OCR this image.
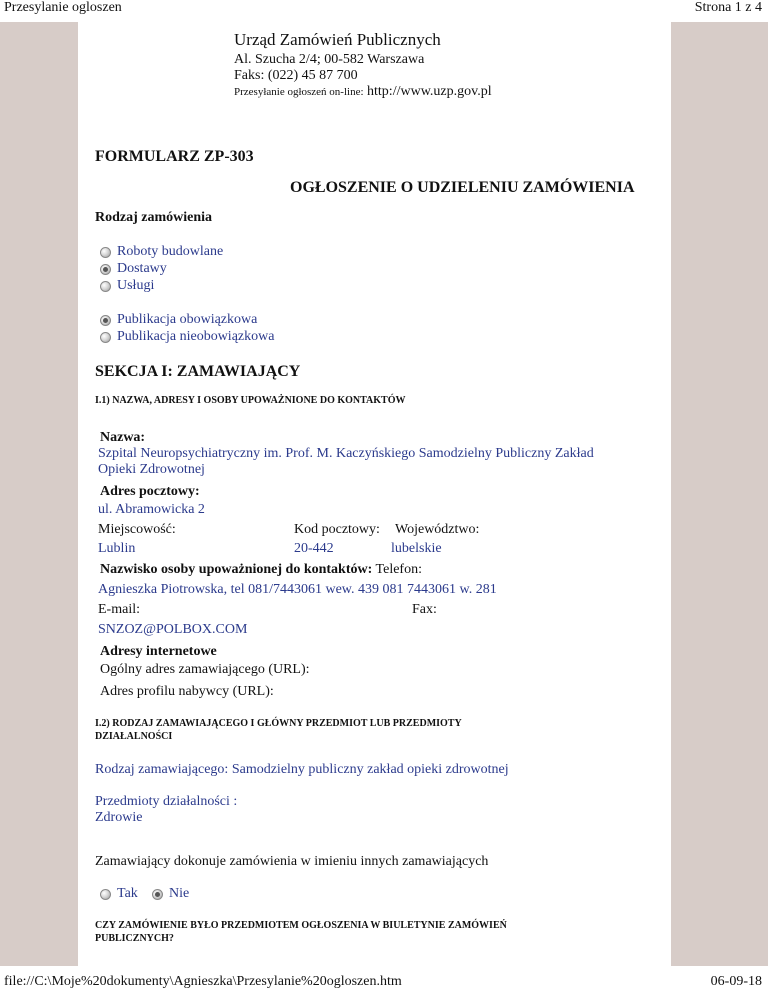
Przesylanie ogloszen	Strona 1 z 4
Urząd Zamówień Publicznych
Al. Szucha 2/4; 00-582 Warszawa
Faks: (022) 45 87 700
Przesyłanie ogłoszeń on-line: http://www.uzp.gov.pl
FORMULARZ ZP-303
OGŁOSZENIE O UDZIELENIU ZAMÓWIENIA
Rodzaj zamówienia
Roboty budowlane
Dostawy
Usługi
Publikacja obowiązkowa
Publikacja nieobowiązkowa
SEKCJA I: ZAMAWIAJĄCY
I.1) NAZWA, ADRESY I OSOBY UPOWAŻNIONE DO KONTAKTÓW
Nazwa:
Szpital Neuropsychiatryczny im. Prof. M. Kaczyńskiego Samodzielny Publiczny Zakład
Opieki Zdrowotnej
Adres pocztowy:
ul. Abramowicka 2
Miejscowość:	Kod pocztowy: Województwo:
Lublin	20-442	lubelskie
Nazwisko osoby upoważnionej do kontaktów: Telefon:
Agnieszka Piotrowska, tel 081/7443061 wew. 439 081 7443061 w. 281
E-mail:	Fax:
SNZOZ@POLBOX.COM
Adresy internetowe
Ogólny adres zamawiającego (URL):
Adres profilu nabywcy (URL):
I.2) RODZAJ ZAMAWIAJĄCEGO I GŁÓWNY PRZEDMIOT LUB PRZEDMIOTY
DZIAŁALNOŚCI
Rodzaj zamawiającego: Samodzielny publiczny zakład opieki zdrowotnej
Przedmioty działalności :
Zdrowie
Zamawiający dokonuje zamówienia w imieniu innych zamawiających
Tak Nie
CZY ZAMÓWIENIE BYŁO PRZEDMIOTEM OGŁOSZENIA W BIULETYNIE ZAMÓWIEŃ
PUBLICZNYCH?
file://C:\Moje%20dokumenty\Agnieszka\Przesylanie%20ogloszen.htm	06-09-18
